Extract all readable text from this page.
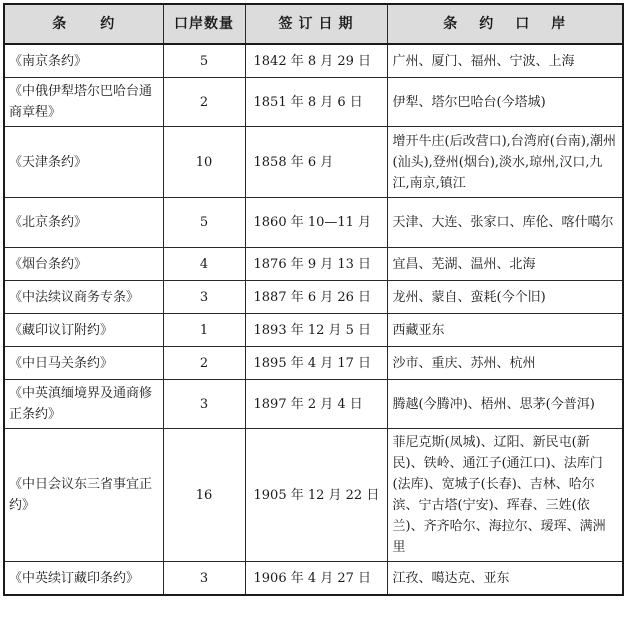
条约	口岸数量	签订日期	条约口岸
《南京条约》	5	1842 年 8 月 29 日	广州、厦门、福州、宁波、上海
《中俄伊犁塔尔巴哈台通商章程》	2	1851 年 8 月 6 日	伊犁、塔尔巴哈台(今塔城)
《天津条约》	10	1858 年 6 月	增开牛庄(后改营口),台湾府(台南),潮州(汕头),登州(烟台),淡水,琼州,汉口,九江,南京,镇江
《北京条约》	5	1860 年 10—11 月	天津、大连、张家口、库伦、喀什噶尔
《烟台条约》	4	1876 年 9 月 13 日	宜昌、芜湖、温州、北海
《中法续议商务专条》	3	1887 年 6 月 26 日	龙州、蒙自、蛮耗(今个旧)
《藏印议订附约》	1	1893 年 12 月 5 日	西藏亚东
《中日马关条约》	2	1895 年 4 月 17 日	沙市、重庆、苏州、杭州
《中英滇缅境界及通商修正条约》	3	1897 年 2 月 4 日	腾越(今腾冲)、梧州、思茅(今普洱)
《中日会议东三省事宜正约》	16	1905 年 12 月 22 日	菲尼克斯(凤城)、辽阳、新民屯(新民)、铁岭、通江子(通江口)、法库门(法库)、宽城子(长春)、吉林、哈尔滨、宁古塔(宁安)、珲春、三姓(依兰)、齐齐哈尔、海拉尔、瑷珲、满洲里
《中英续订藏印条约》	3	1906 年 4 月 27 日	江孜、噶达克、亚东
